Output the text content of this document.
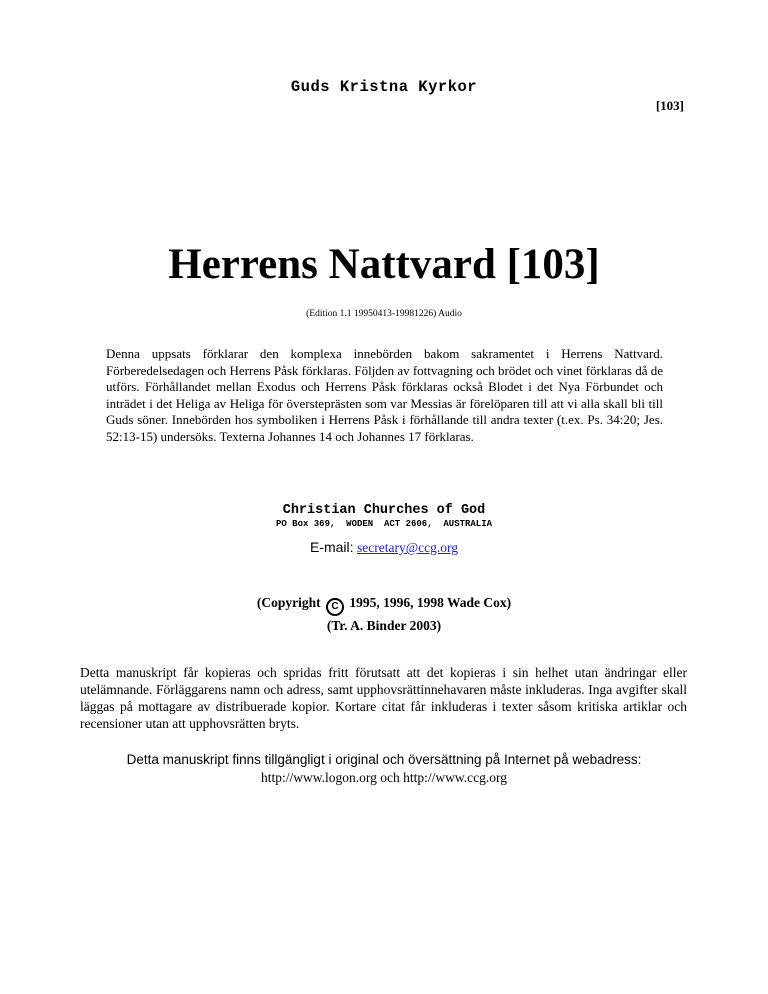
Guds Kristna Kyrkor
[103]
Herrens Nattvard [103]
(Edition 1.1 19950413-19981226) Audio
Denna uppsats förklarar den komplexa innebörden bakom sakramentet i Herrens Nattvard. Förberedelsedagen och Herrens Påsk förklaras. Följden av fottvagning och brödet och vinet förklaras då de utförs. Förhållandet mellan Exodus och Herrens Påsk förklaras också Blodet i det Nya Förbundet och inträdet i det Heliga av Heliga för översteprästen som var Messias är förelöparen till att vi alla skall bli till Guds söner. Innebörden hos symboliken i Herrens Påsk i förhållande till andra texter (t.ex. Ps. 34:20; Jes. 52:13-15) undersöks. Texterna Johannes 14 och Johannes 17 förklaras.
Christian Churches of God
PO Box 369,  WODEN  ACT 2606,  AUSTRALIA
E-mail: secretary@ccg.org
(Copyright C 1995, 1996, 1998 Wade Cox)
(Tr. A. Binder 2003)
Detta manuskript får kopieras och spridas fritt förutsatt att det kopieras i sin helhet utan ändringar eller utelämnande. Förläggarens namn och adress, samt upphovsrättinnehavaren måste inkluderas. Inga avgifter skall läggas på mottagare av distribuerade kopior. Kortare citat får inkluderas i texter såsom kritiska artiklar och recensioner utan att upphovsrätten bryts.
Detta manuskript finns tillgängligt i original och översättning på Internet på webadress:
http://www.logon.org och http://www.ccg.org
